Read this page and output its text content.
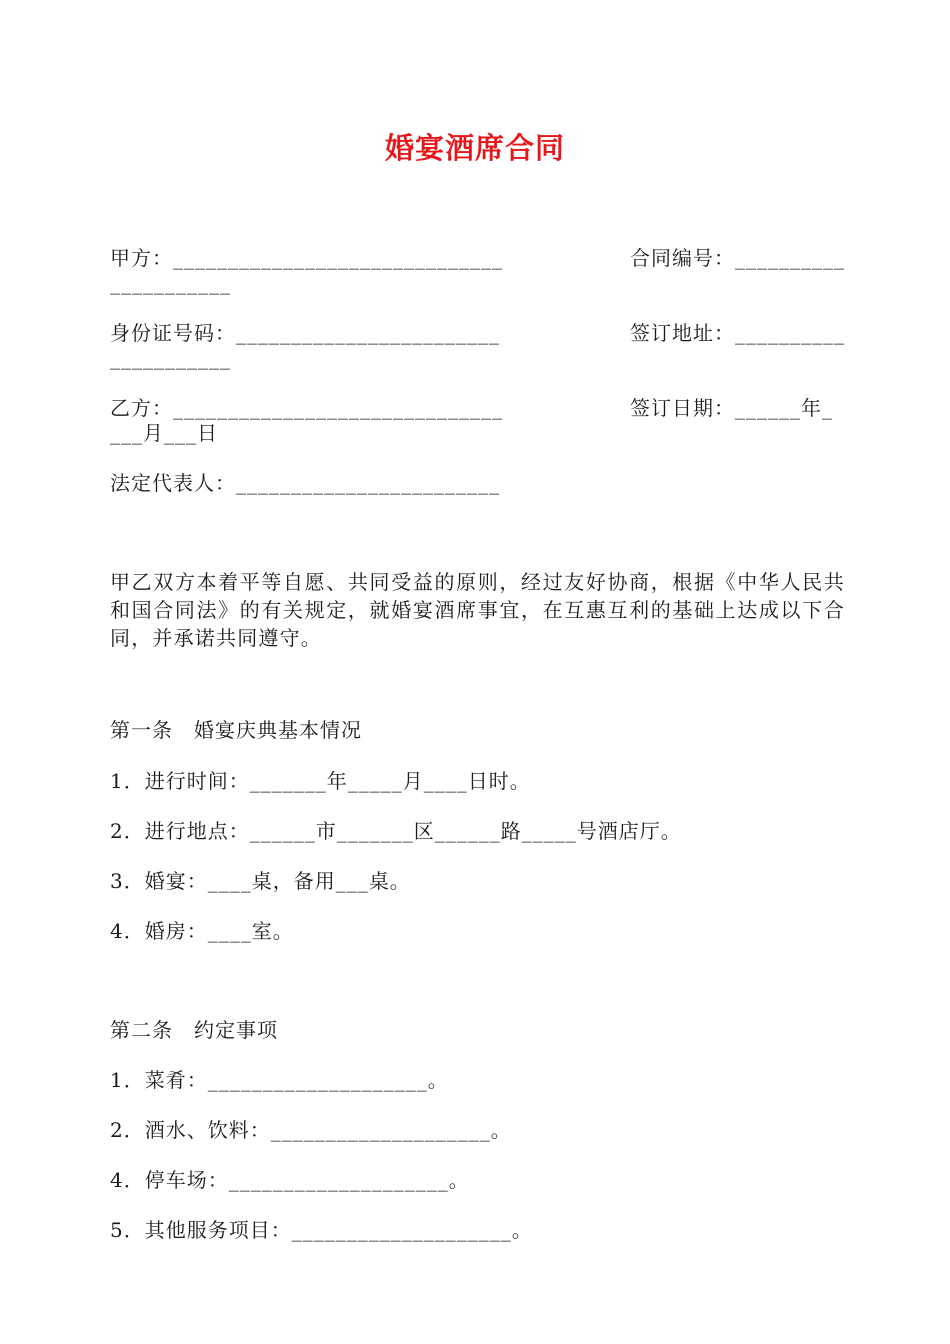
婚宴酒席合同
甲方：______________________________	合同编号：__________
___________
身份证号码：________________________	签订地址：__________
___________
乙方：______________________________	签订日期：______年_
___月___日
法定代表人：________________________
甲乙双方本着平等自愿、共同受益的原则，经过友好协商，根据《中华人民共和国合同法》的有关规定，就婚宴酒席事宜，在互惠互利的基础上达成以下合同，并承诺共同遵守。
第一条　婚宴庆典基本情况
1．进行时间：_______年_____月____日时。
2．进行地点：______市_______区______路_____号酒店厅。
3．婚宴：____桌，备用___桌。
4．婚房：____室。
第二条　约定事项
1．菜肴：____________________。
2．酒水、饮料：____________________。
4．停车场：____________________。
5．其他服务项目：____________________。
